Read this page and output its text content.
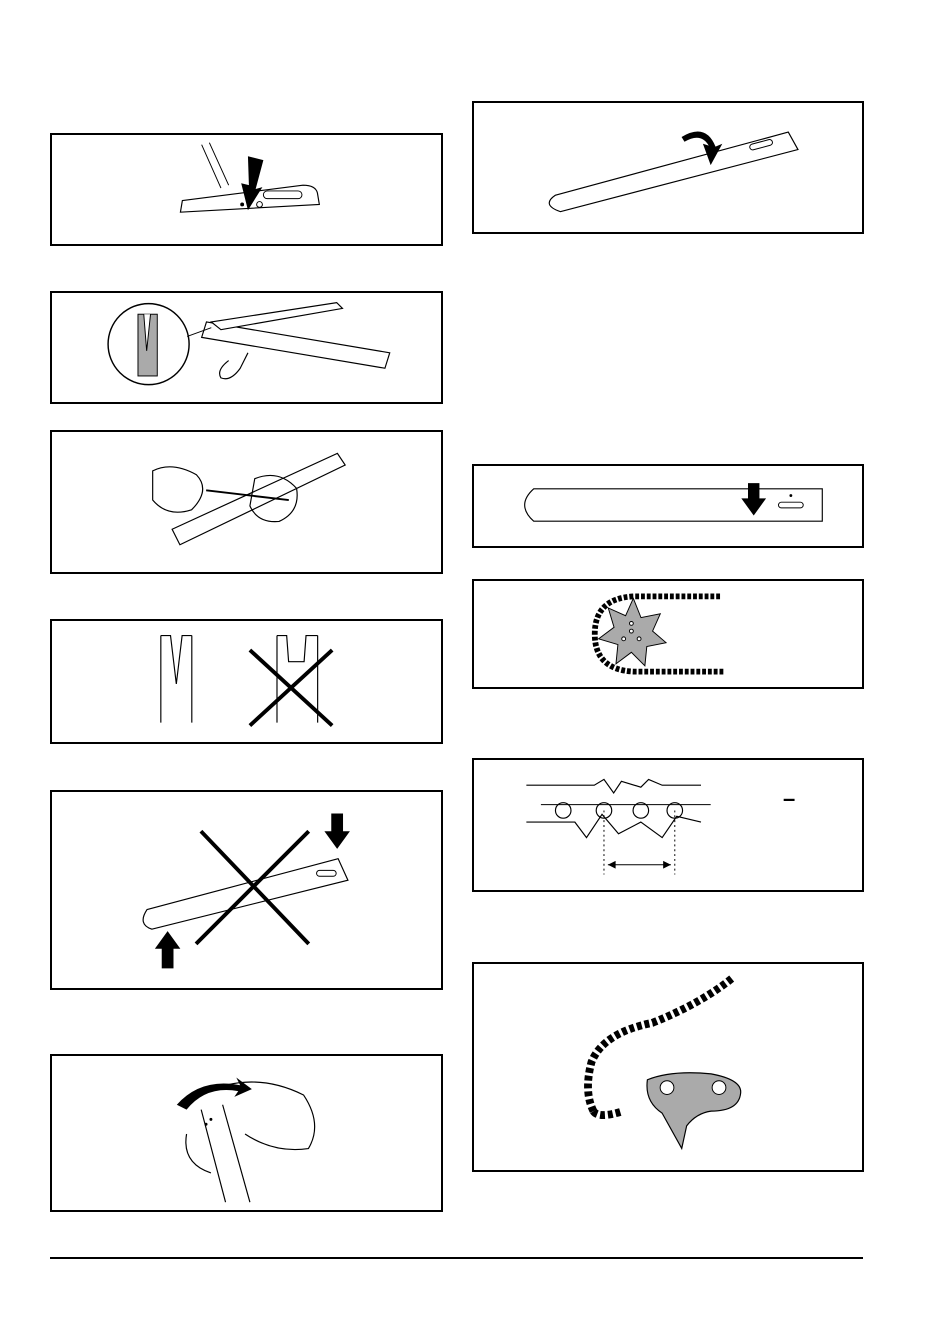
–
